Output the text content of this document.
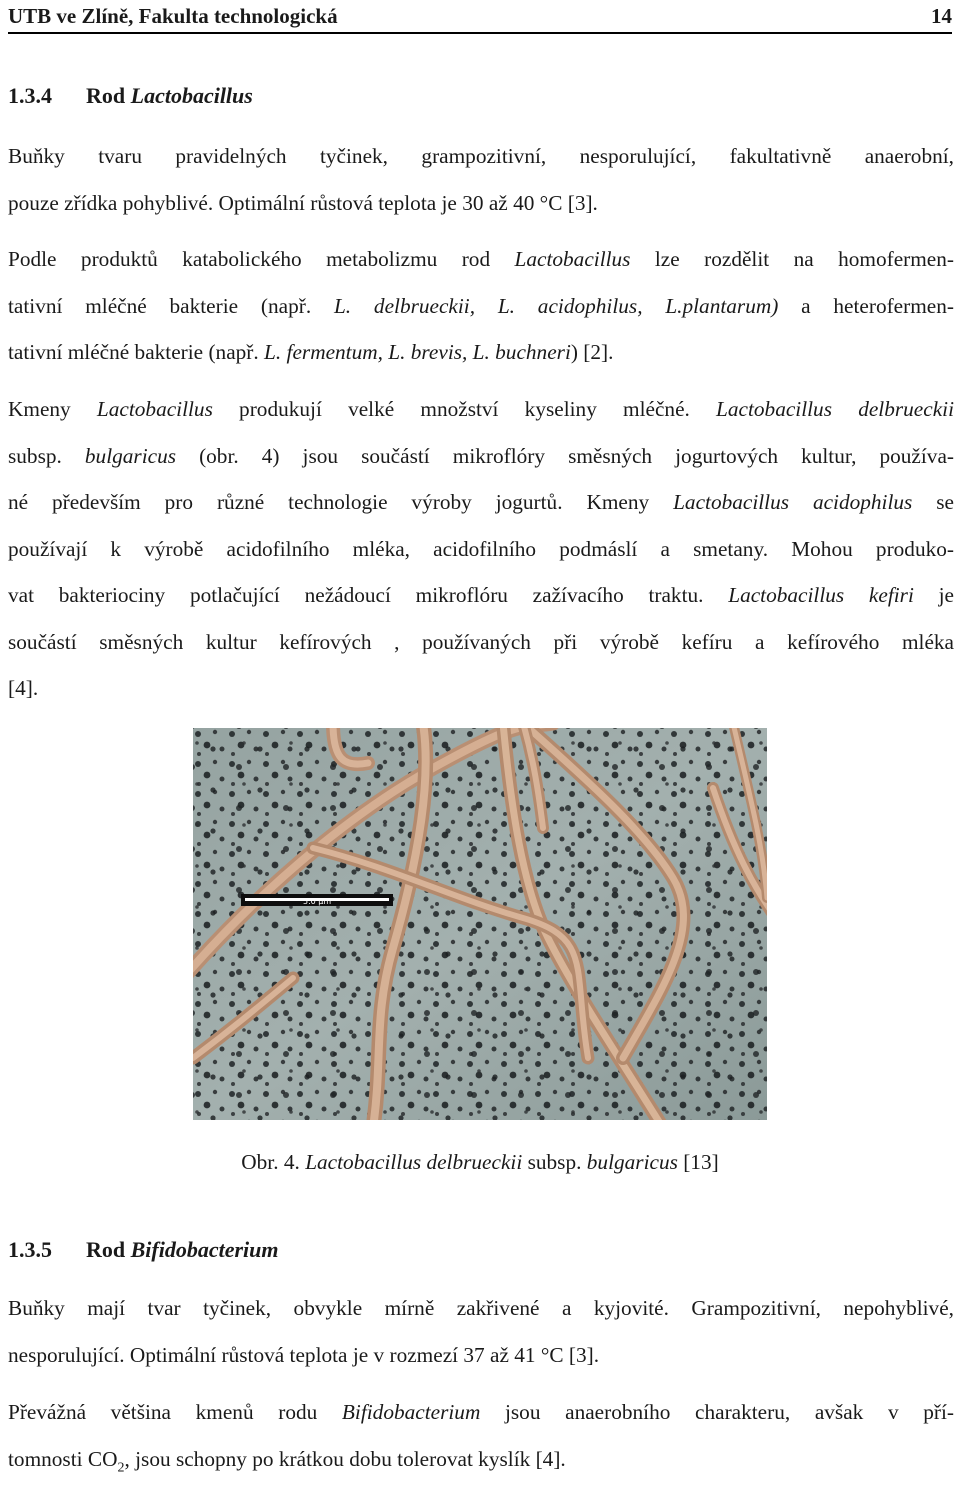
UTB ve Zlíně, Fakulta technologická	14
1.3.4 Rod Lactobacillus
Buňky tvaru pravidelných tyčinek, grampozitivní, nesporulující, fakultativně anaerobní,
pouze zřídka pohyblivé. Optimální růstová teplota je 30 až 40 °C [3].
Podle produktů katabolického metabolizmu rod Lactobacillus lze rozdělit na homofermen-
tativní mléčné bakterie (např. L. delbrueckii, L. acidophilus, L.plantarum) a heterofermen-
tativní mléčné bakterie (např. L. fermentum, L. brevis, L. buchneri) [2].
Kmeny Lactobacillus produkují velké množství kyseliny mléčné. Lactobacillus delbrueckii
subsp. bulgaricus (obr. 4) jsou součástí mikroflóry směsných jogurtových kultur, používa-
né především pro různé technologie výroby jogurtů. Kmeny Lactobacillus acidophilus se
používají k výrobě acidofilního mléka, acidofilního podmáslí a smetany. Mohou produko-
vat bakteriociny potlačující nežádoucí mikroflóru zažívacího traktu. Lactobacillus kefiri je
součástí směsných kultur kefírových , používaných při výrobě kefíru a kefírového mléka
[4].
5.0 µm
Obr. 4. Lactobacillus delbrueckii subsp. bulgaricus [13]
1.3.5 Rod Bifidobacterium
Buňky mají tvar tyčinek, obvykle mírně zakřivené a kyjovité. Grampozitivní, nepohyblivé,
nesporulující. Optimální růstová teplota je v rozmezí 37 až 41 °C [3].
Převážná většina kmenů rodu Bifidobacterium jsou anaerobního charakteru, avšak v pří-
tomnosti $CO_2$, jsou schopny po krátkou dobu tolerovat kyslík [4].
